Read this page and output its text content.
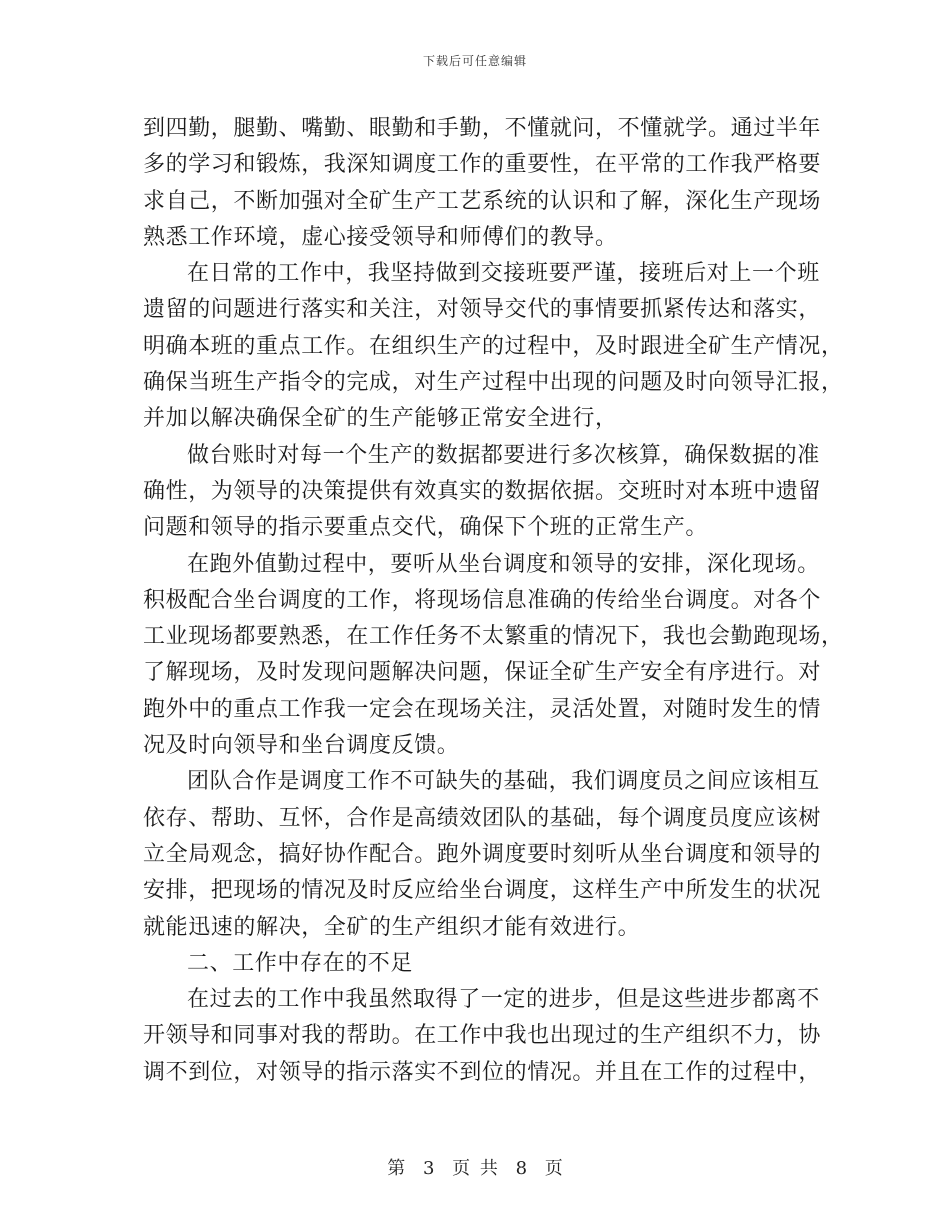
下载后可任意编辑
到四勤，腿勤、嘴勤、眼勤和手勤，不懂就问，不懂就学。通过半年
多的学习和锻炼，我深知调度工作的重要性，在平常的工作我严格要
求自己，不断加强对全矿生产工艺系统的认识和了解，深化生产现场
熟悉工作环境，虚心接受领导和师傅们的教导。
在日常的工作中，我坚持做到交接班要严谨，接班后对上一个班
遗留的问题进行落实和关注，对领导交代的事情要抓紧传达和落实，
明确本班的重点工作。在组织生产的过程中，及时跟进全矿生产情况，
确保当班生产指令的完成，对生产过程中出现的问题及时向领导汇报，
并加以解决确保全矿的生产能够正常安全进行，
做台账时对每一个生产的数据都要进行多次核算，确保数据的准
确性，为领导的决策提供有效真实的数据依据。交班时对本班中遗留
问题和领导的指示要重点交代，确保下个班的正常生产。
在跑外值勤过程中，要听从坐台调度和领导的安排，深化现场。
积极配合坐台调度的工作，将现场信息准确的传给坐台调度。对各个
工业现场都要熟悉，在工作任务不太繁重的情况下，我也会勤跑现场，
了解现场，及时发现问题解决问题，保证全矿生产安全有序进行。对
跑外中的重点工作我一定会在现场关注，灵活处置，对随时发生的情
况及时向领导和坐台调度反馈。
团队合作是调度工作不可缺失的基础，我们调度员之间应该相互
依存、帮助、互怀，合作是高绩效团队的基础，每个调度员度应该树
立全局观念，搞好协作配合。跑外调度要时刻听从坐台调度和领导的
安排，把现场的情况及时反应给坐台调度，这样生产中所发生的状况
就能迅速的解决，全矿的生产组织才能有效进行。
二、工作中存在的不足
在过去的工作中我虽然取得了一定的进步，但是这些进步都离不
开领导和同事对我的帮助。在工作中我也出现过的生产组织不力，协
调不到位，对领导的指示落实不到位的情况。并且在工作的过程中，
第 3 页 共 8 页
